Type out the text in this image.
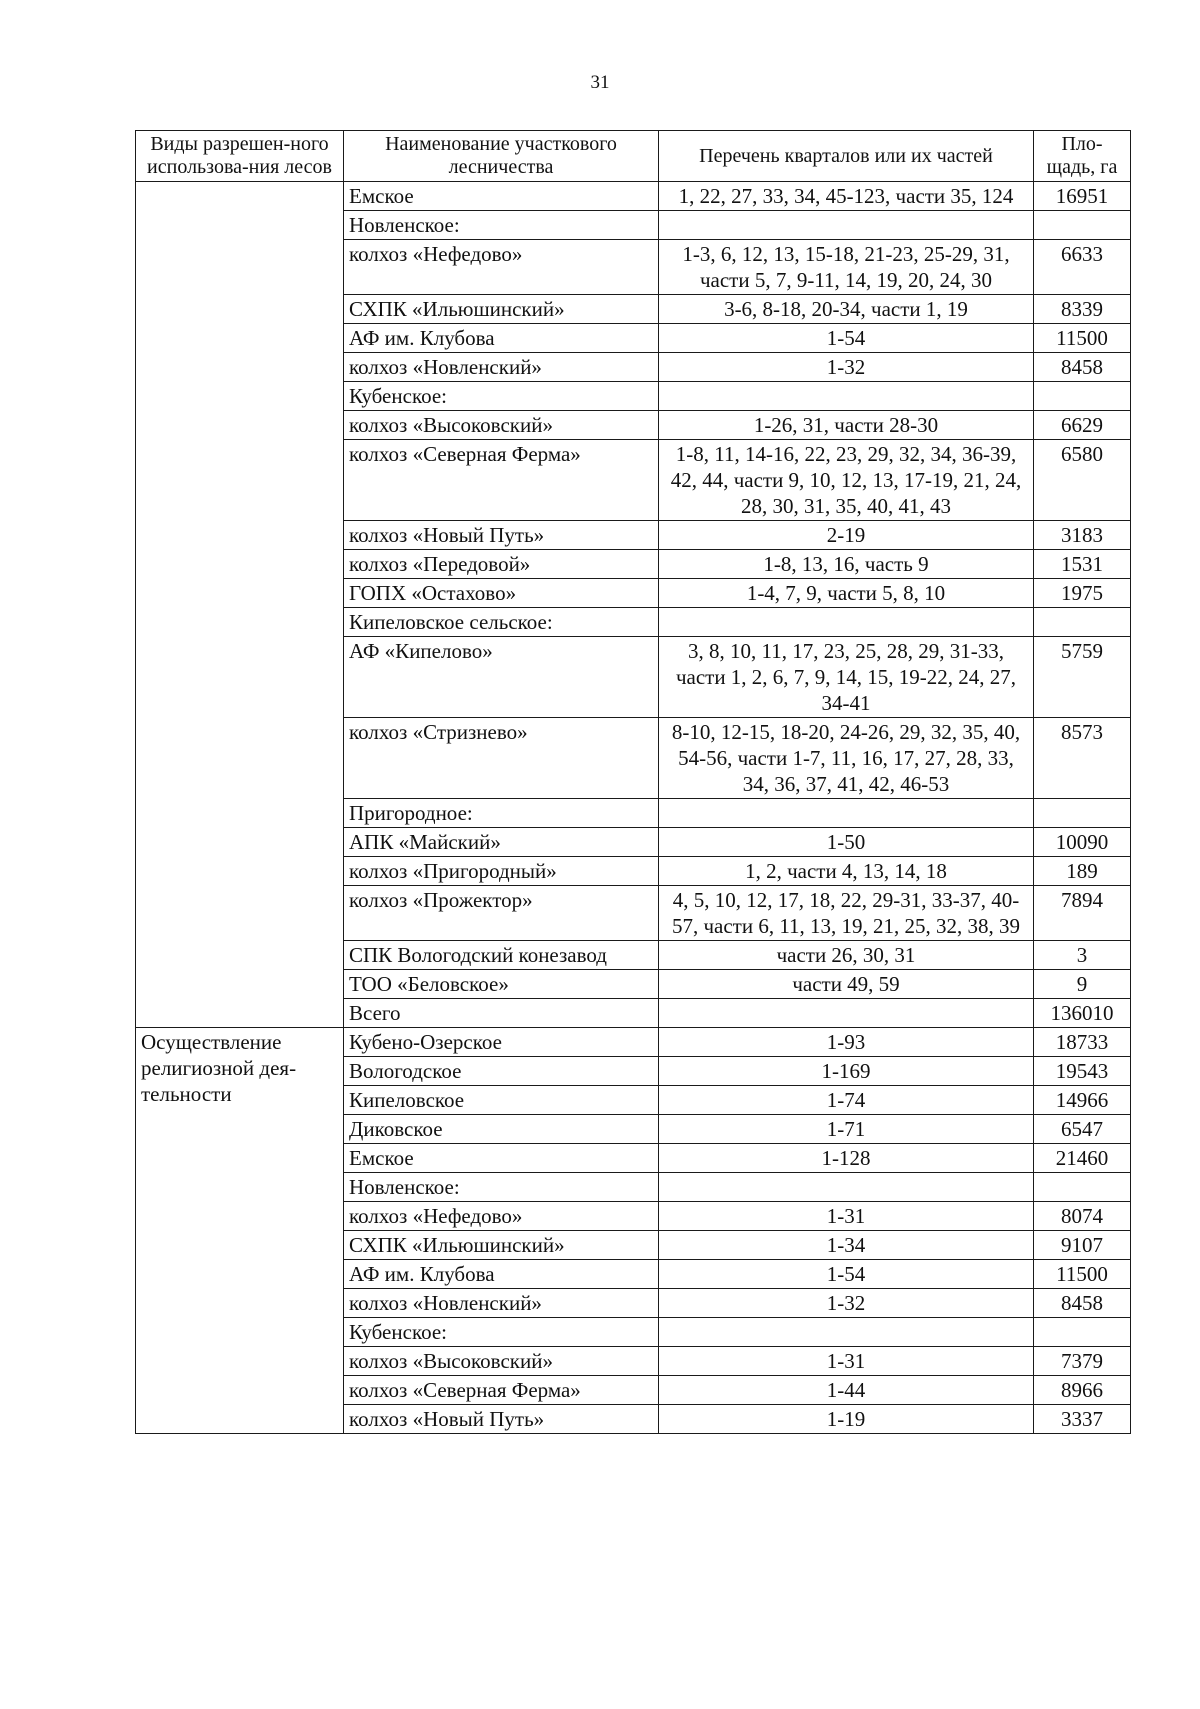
31
Виды разрешен-ного использова-ния лесов	Наименование участкового лесничества	Перечень кварталов или их частей	Пло-щадь, га
	Емское	1, 22, 27, 33, 34, 45-123, части 35, 124	16951
	Новленское:		
	колхоз «Нефедово»	1-3, 6, 12, 13, 15-18, 21-23, 25-29, 31, части 5, 7, 9-11, 14, 19, 20, 24, 30	6633
	СХПК «Ильюшинский»	3-6, 8-18, 20-34, части 1, 19	8339
	АФ им. Клубова	1-54	11500
	колхоз «Новленский»	1-32	8458
	Кубенское:		
	колхоз «Высоковский»	1-26, 31, части 28-30	6629
	колхоз «Северная Ферма»	1-8, 11, 14-16, 22, 23, 29, 32, 34, 36-39, 42, 44, части 9, 10, 12, 13, 17-19, 21, 24, 28, 30, 31, 35, 40, 41, 43	6580
	колхоз «Новый Путь»	2-19	3183
	колхоз «Передовой»	1-8, 13, 16, часть 9	1531
	ГОПХ «Остахово»	1-4, 7, 9, части 5, 8, 10	1975
	Кипеловское сельское:		
	АФ «Кипелово»	3, 8, 10, 11, 17, 23, 25, 28, 29, 31-33, части 1, 2, 6, 7, 9, 14, 15, 19-22, 24, 27, 34-41	5759
	колхоз «Стризнево»	8-10, 12-15, 18-20, 24-26, 29, 32, 35, 40, 54-56, части 1-7, 11, 16, 17, 27, 28, 33, 34, 36, 37, 41, 42, 46-53	8573
	Пригородное:		
	АПК «Майский»	1-50	10090
	колхоз «Пригородный»	1, 2, части 4, 13, 14, 18	189
	колхоз «Прожектор»	4, 5, 10, 12, 17, 18, 22, 29-31, 33-37, 40-57, части 6, 11, 13, 19, 21, 25, 32, 38, 39	7894
	СПК Вологодский конезавод	части 26, 30, 31	3
	ТОО «Беловское»	части 49, 59	9
	Всего		136010
Осуществление религиозной дея-тельности	Кубено-Озерское	1-93	18733
	Вологодское	1-169	19543
	Кипеловское	1-74	14966
	Диковское	1-71	6547
	Емское	1-128	21460
	Новленское:		
	колхоз «Нефедово»	1-31	8074
	СХПК «Ильюшинский»	1-34	9107
	АФ им. Клубова	1-54	11500
	колхоз «Новленский»	1-32	8458
	Кубенское:		
	колхоз «Высоковский»	1-31	7379
	колхоз «Северная Ферма»	1-44	8966
	колхоз «Новый Путь»	1-19	3337
